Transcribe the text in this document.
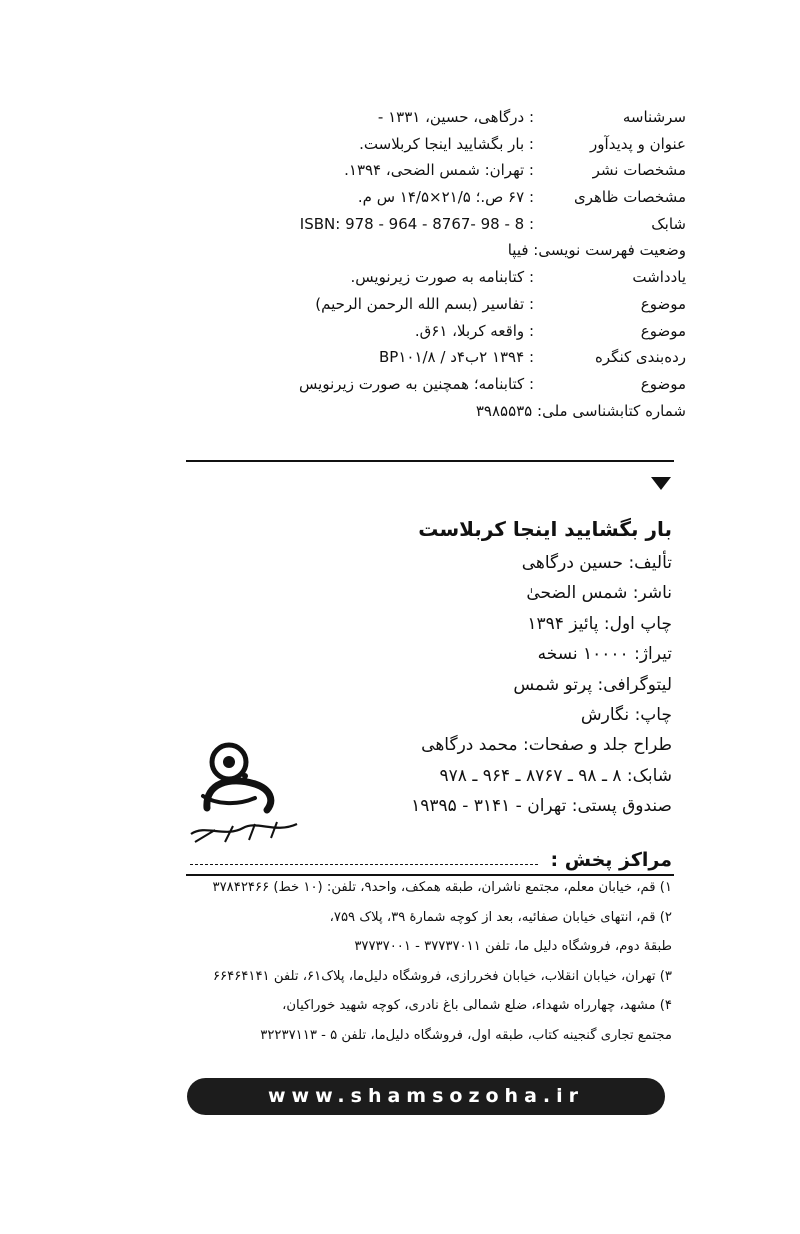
سرشناسه
: درگاهی، حسین، ۱۳۳۱ -
عنوان و پدیدآور
: بار بگشایید اینجا کربلاست.
مشخصات نشر
: تهران: شمس الضحی، ۱۳۹۴.
مشخصات ظاهری
: ۶۷ ص.؛ ۲۱/۵×۱۴/۵ س م.
شابک
: ISBN: 978 - 964 - 8767- 98 - 8
وضعیت فهرست نویسی: فیپا
یادداشت
: کتابنامه به صورت زیرنویس.
موضوع
: تفاسیر (بسم الله الرحمن الرحیم)
موضوع
: واقعه کربلا، ۶۱ق.
رده‌بندی کنگره
: ۱۳۹۴ ۲ب۴د / BP۱۰۱/۸
موضوع
: کتابنامه؛ همچنین به صورت زیرنویس
شماره کتابشناسی ملی: ۳۹۸۵۵۳۵
بار بگشایید اینجا کربلاست
تألیف: حسین درگاهی
ناشر: شمس الضحیٰ
چاپ اول: پائیز ۱۳۹۴
تیراژ: ۱۰۰۰۰ نسخه
لیتوگرافی: پرتو شمس
چاپ: نگارش
طراح جلد و صفحات: محمد درگاهی
شابک: ۸ ـ ۹۸ ـ ۸۷۶۷ ـ ۹۶۴ ـ ۹۷۸
صندوق پستی: تهران - ۳۱۴۱ - ۱۹۳۹۵
مراکز پخش :
۱) قم، خیابان معلم، مجتمع ناشران، طبقه همکف، واحد۹، تلفن: (۱۰ خط) ۳۷۸۴۲۴۶۶
۲) قم، انتهای خیابان صفائیه، بعد از کوچه شمارهٔ ۳۹، پلاک ۷۵۹،
طبقهٔ دوم، فروشگاه دلیل ما، تلفن ۳۷۷۳۷۰۱۱ - ۳۷۷۳۷۰۰۱
۳) تهران، خیابان انقلاب، خیابان فخررازی، فروشگاه دلیل‌ما، پلاک۶۱، تلفن ۶۶۴۶۴۱۴۱
۴) مشهد، چهارراه شهداء، ضلع شمالی باغ نادری، کوچه شهید خوراکیان،
مجتمع تجاری گنجینه کتاب، طبقه اول، فروشگاه دلیل‌ما، تلفن ۵ - ۳۲۲۳۷۱۱۳
www.shamsozoha.ir
